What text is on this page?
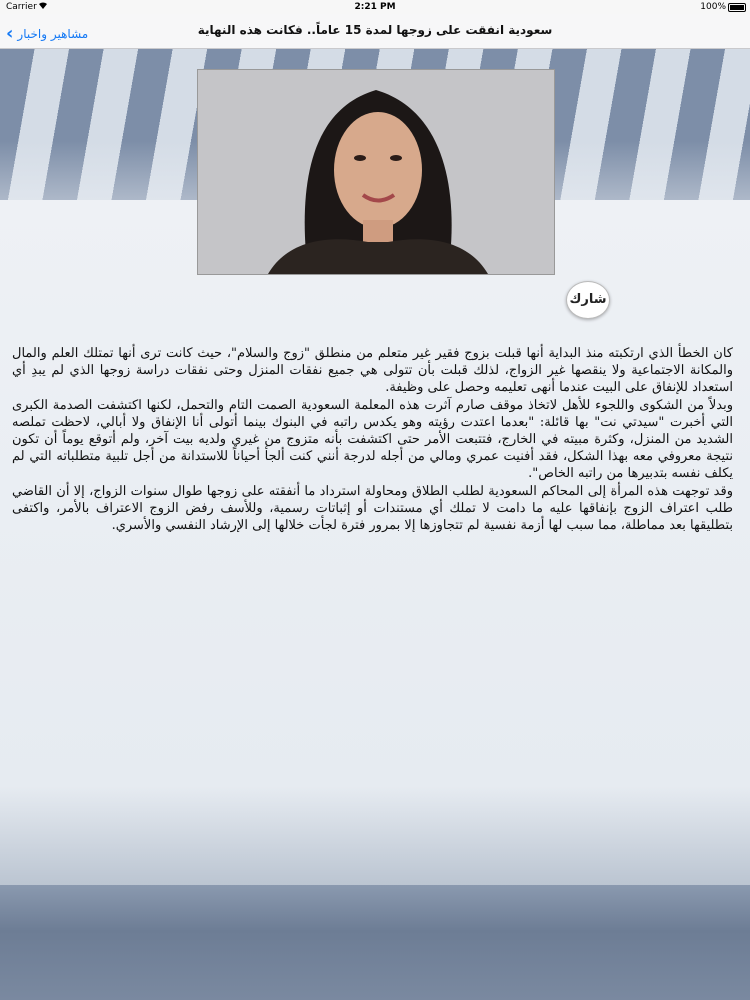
Carrier	2:21 PM	100%
‹ مشاهير واخبار	سعودية انفقت على زوجها لمدة 15 عاماً.. فكانت هذه النهاية
شارك

كان الخطأ الذي ارتكبته منذ البداية أنها قبلت بزوج فقير غير متعلم من منطلق "زوج والسلام"، حيث كانت ترى أنها تمتلك العلم والمال والمكانة الاجتماعية ولا ينقصها غير الزواج، لذلك قبلت بأن تتولى هي جميع نفقات المنزل وحتى نفقات دراسة زوجها الذي لم يبدِ أي استعداد للإنفاق على البيت عندما أنهى تعليمه وحصل على وظيفة.

وبدلاً من الشكوى واللجوء للأهل لاتخاذ موقف صارم آثرت هذه المعلمة السعودية الصمت التام والتحمل، لكنها اكتشفت الصدمة الكبرى التي أخبرت "سيدتي نت" بها قائلة: "بعدما اعتدت رؤيته وهو يكدس راتبه في البنوك بينما أتولى أنا الإنفاق ولا أبالي، لاحظت تملصه الشديد من المنزل، وكثرة مبيته في الخارج، فتتبعت الأمر حتى اكتشفت بأنه متزوج من غيري ولديه بيت آخر، ولم أتوقع يوماً أن تكون نتيجة معروفي معه بهذا الشكل، فقد أفنيت عمري ومالي من أجله لدرجة أنني كنت ألجأ أحياناً للاستدانة من أجل تلبية متطلباته التي لم يكلف نفسه بتدبيرها من راتبه الخاص".

وقد توجهت هذه المرأة إلى المحاكم السعودية لطلب الطلاق ومحاولة استرداد ما أنفقته على زوجها طوال سنوات الزواج، إلا أن القاضي طلب اعتراف الزوج بإنفاقها عليه ما دامت لا تملك أي مستندات أو إثباتات رسمية، وللأسف رفض الزوج الاعتراف بالأمر، واكتفى بتطليقها بعد مماطلة، مما سبب لها أزمة نفسية لم تتجاوزها إلا بمرور فترة لجأت خلالها إلى الإرشاد النفسي والأسري.
